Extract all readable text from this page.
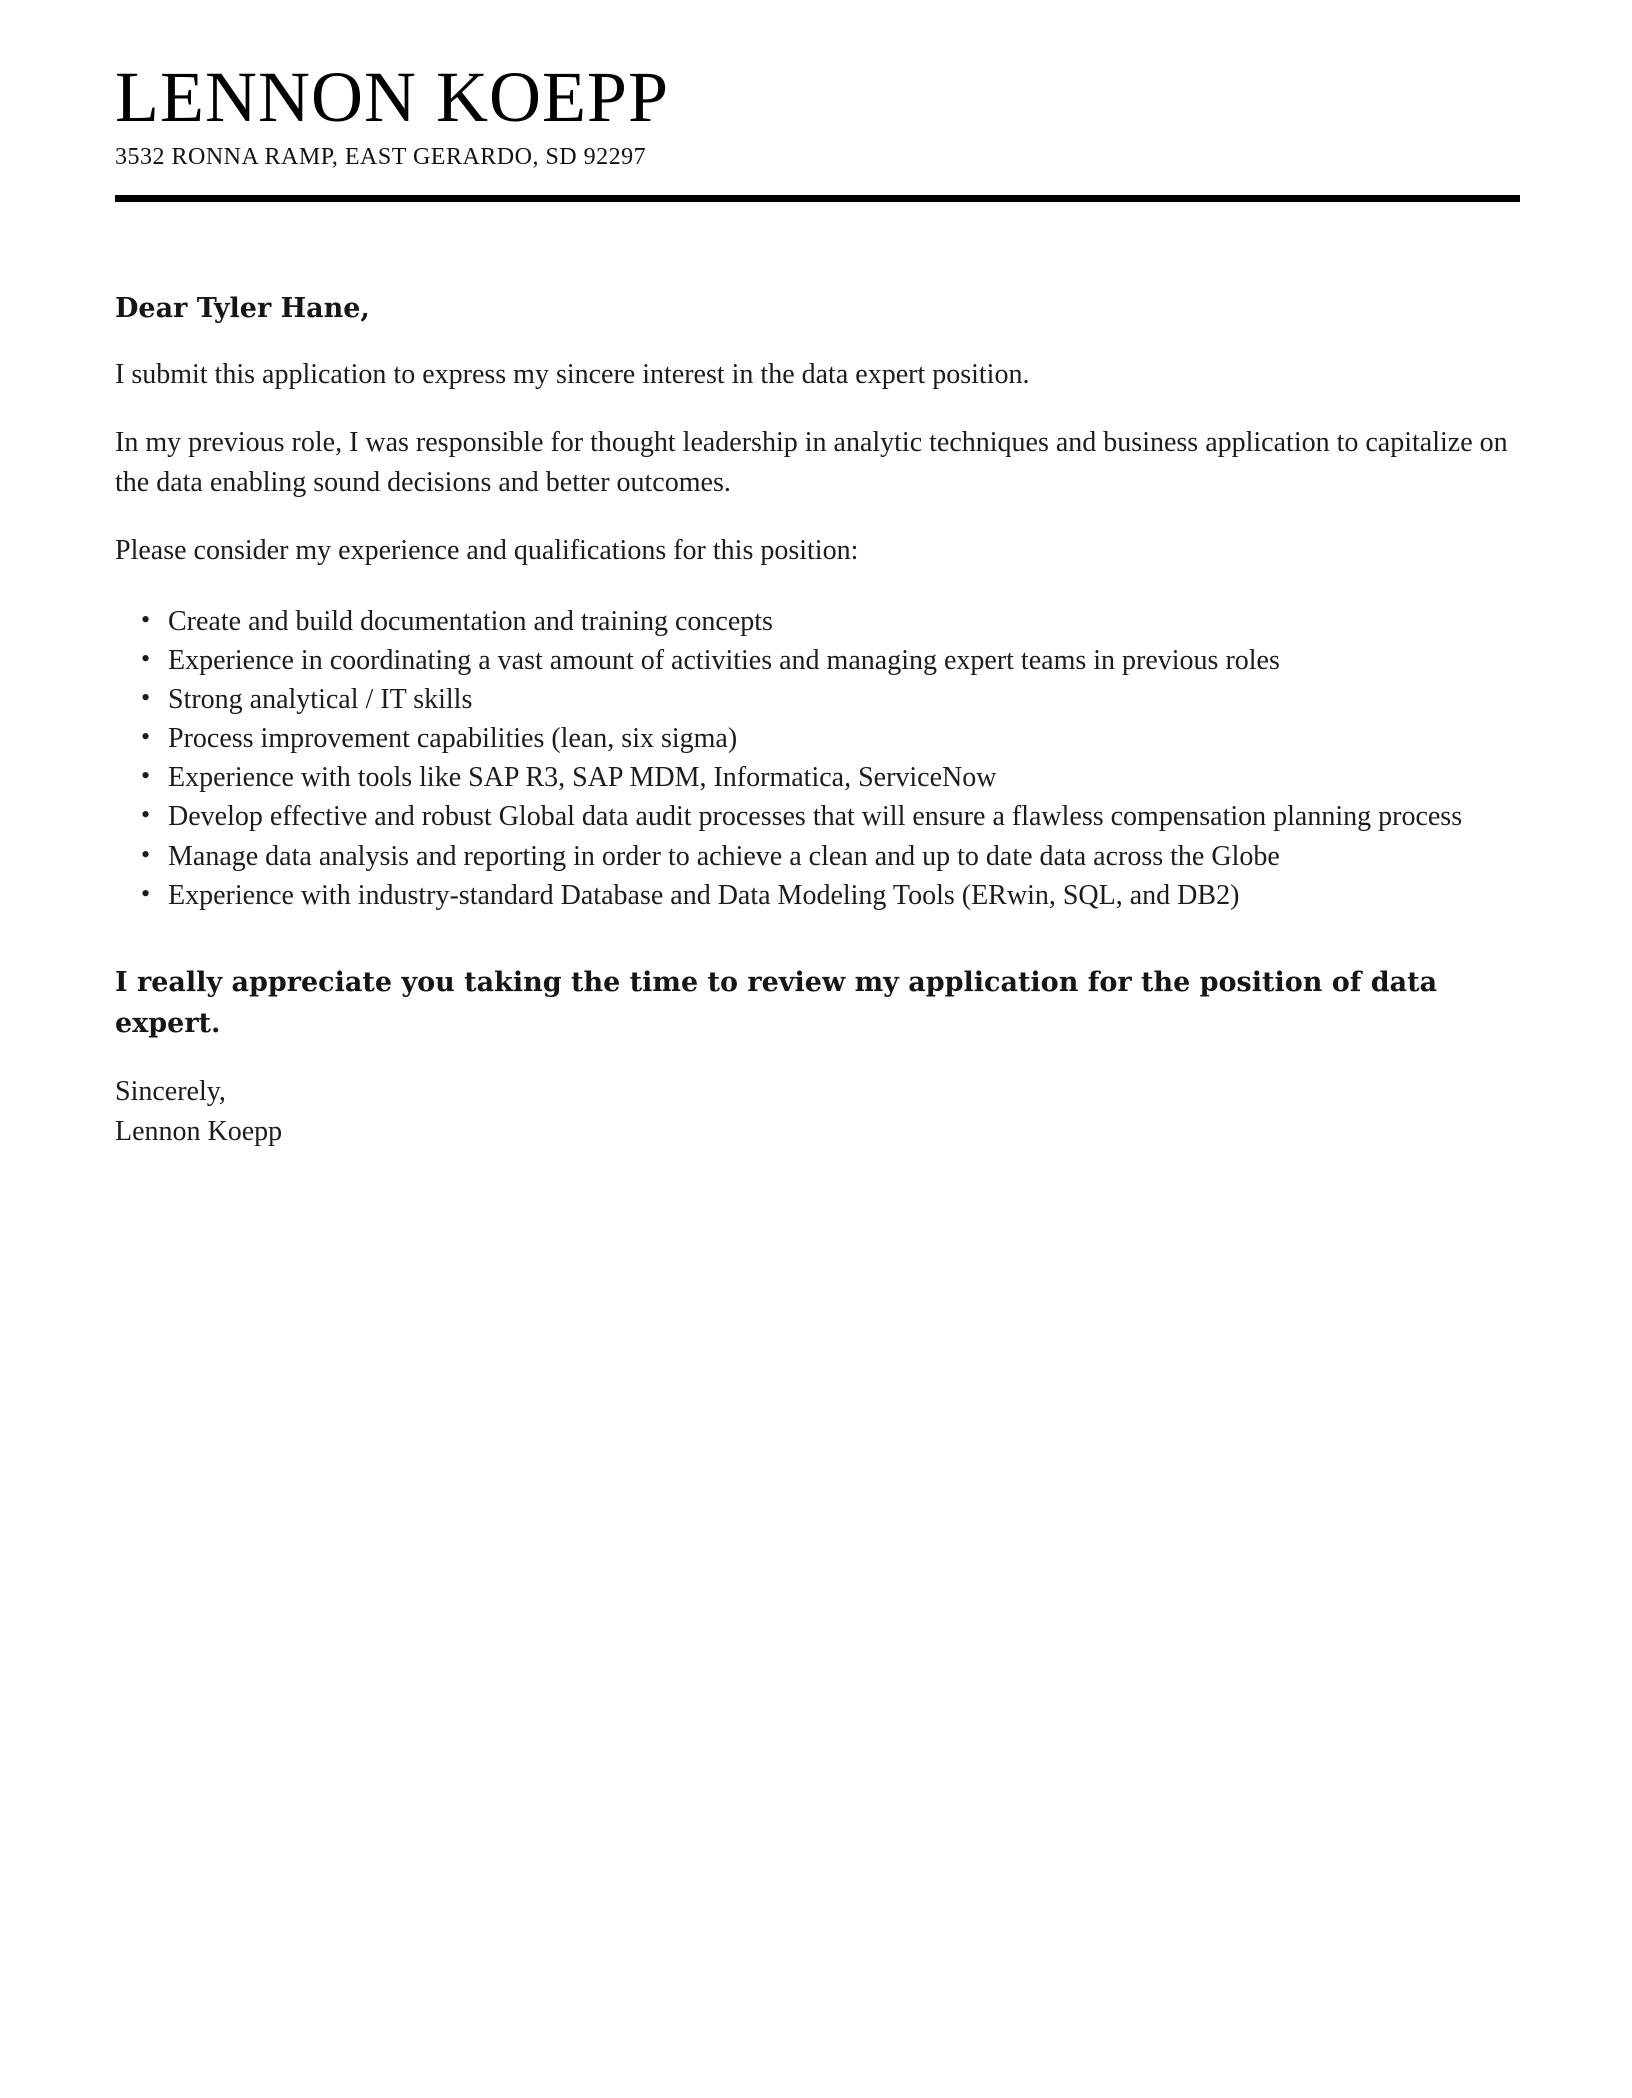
LENNON KOEPP
3532 RONNA RAMP, EAST GERARDO, SD 92297

Dear Tyler Hane,

I submit this application to express my sincere interest in the data expert position.

In my previous role, I was responsible for thought leadership in analytic techniques and business application to capitalize on the data enabling sound decisions and better outcomes.

Please consider my experience and qualifications for this position:

• Create and build documentation and training concepts
• Experience in coordinating a vast amount of activities and managing expert teams in previous roles
• Strong analytical / IT skills
• Process improvement capabilities (lean, six sigma)
• Experience with tools like SAP R3, SAP MDM, Informatica, ServiceNow
• Develop effective and robust Global data audit processes that will ensure a flawless compensation planning process
• Manage data analysis and reporting in order to achieve a clean and up to date data across the Globe
• Experience with industry-standard Database and Data Modeling Tools (ERwin, SQL, and DB2)

I really appreciate you taking the time to review my application for the position of data expert.

Sincerely,
Lennon Koepp
